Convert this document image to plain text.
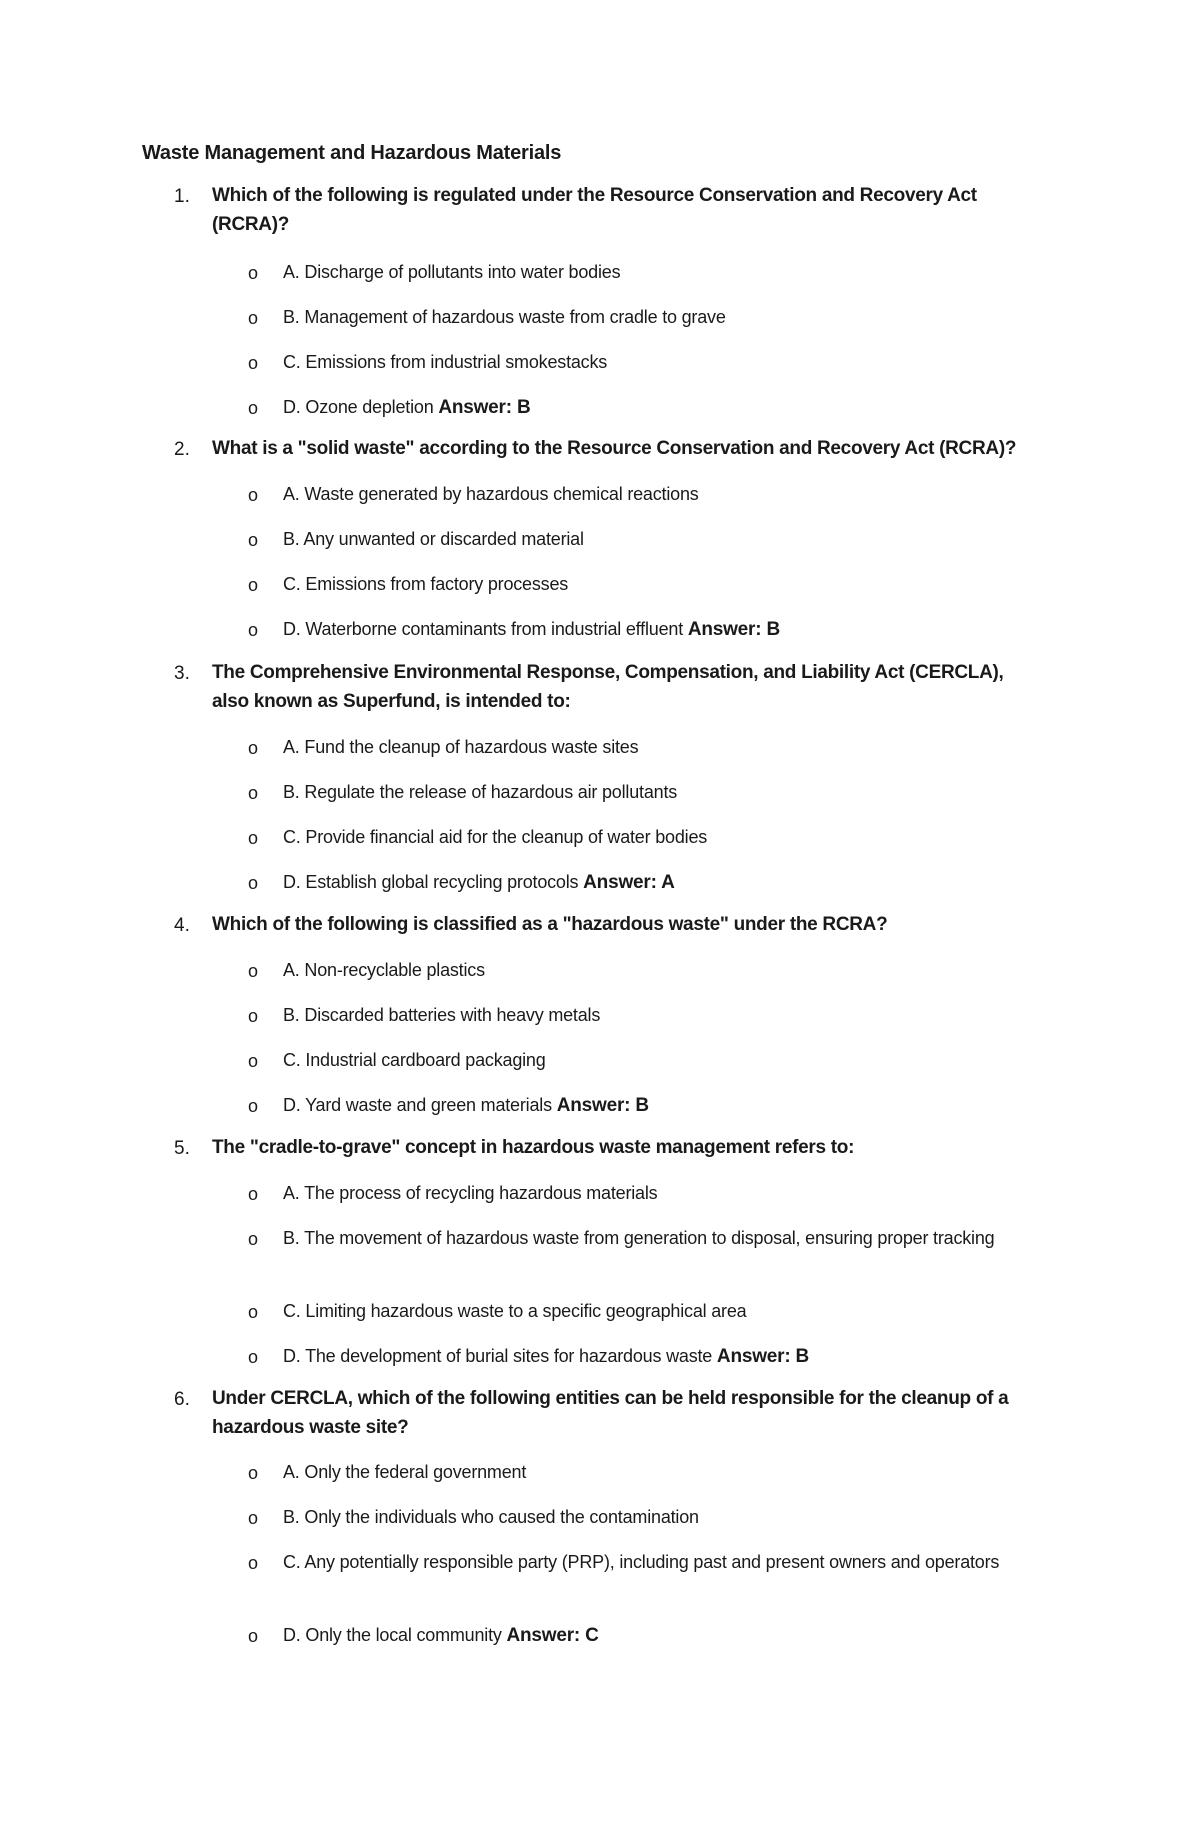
Waste Management and Hazardous Materials
1. Which of the following is regulated under the Resource Conservation and Recovery Act (RCRA)?
o A. Discharge of pollutants into water bodies
o B. Management of hazardous waste from cradle to grave
o C. Emissions from industrial smokestacks
o D. Ozone depletion Answer: B
2. What is a "solid waste" according to the Resource Conservation and Recovery Act (RCRA)?
o A. Waste generated by hazardous chemical reactions
o B. Any unwanted or discarded material
o C. Emissions from factory processes
o D. Waterborne contaminants from industrial effluent Answer: B
3. The Comprehensive Environmental Response, Compensation, and Liability Act (CERCLA), also known as Superfund, is intended to:
o A. Fund the cleanup of hazardous waste sites
o B. Regulate the release of hazardous air pollutants
o C. Provide financial aid for the cleanup of water bodies
o D. Establish global recycling protocols Answer: A
4. Which of the following is classified as a "hazardous waste" under the RCRA?
o A. Non-recyclable plastics
o B. Discarded batteries with heavy metals
o C. Industrial cardboard packaging
o D. Yard waste and green materials Answer: B
5. The "cradle-to-grave" concept in hazardous waste management refers to:
o A. The process of recycling hazardous materials
o B. The movement of hazardous waste from generation to disposal, ensuring proper tracking
o C. Limiting hazardous waste to a specific geographical area
o D. The development of burial sites for hazardous waste Answer: B
6. Under CERCLA, which of the following entities can be held responsible for the cleanup of a hazardous waste site?
o A. Only the federal government
o B. Only the individuals who caused the contamination
o C. Any potentially responsible party (PRP), including past and present owners and operators
o D. Only the local community Answer: C
